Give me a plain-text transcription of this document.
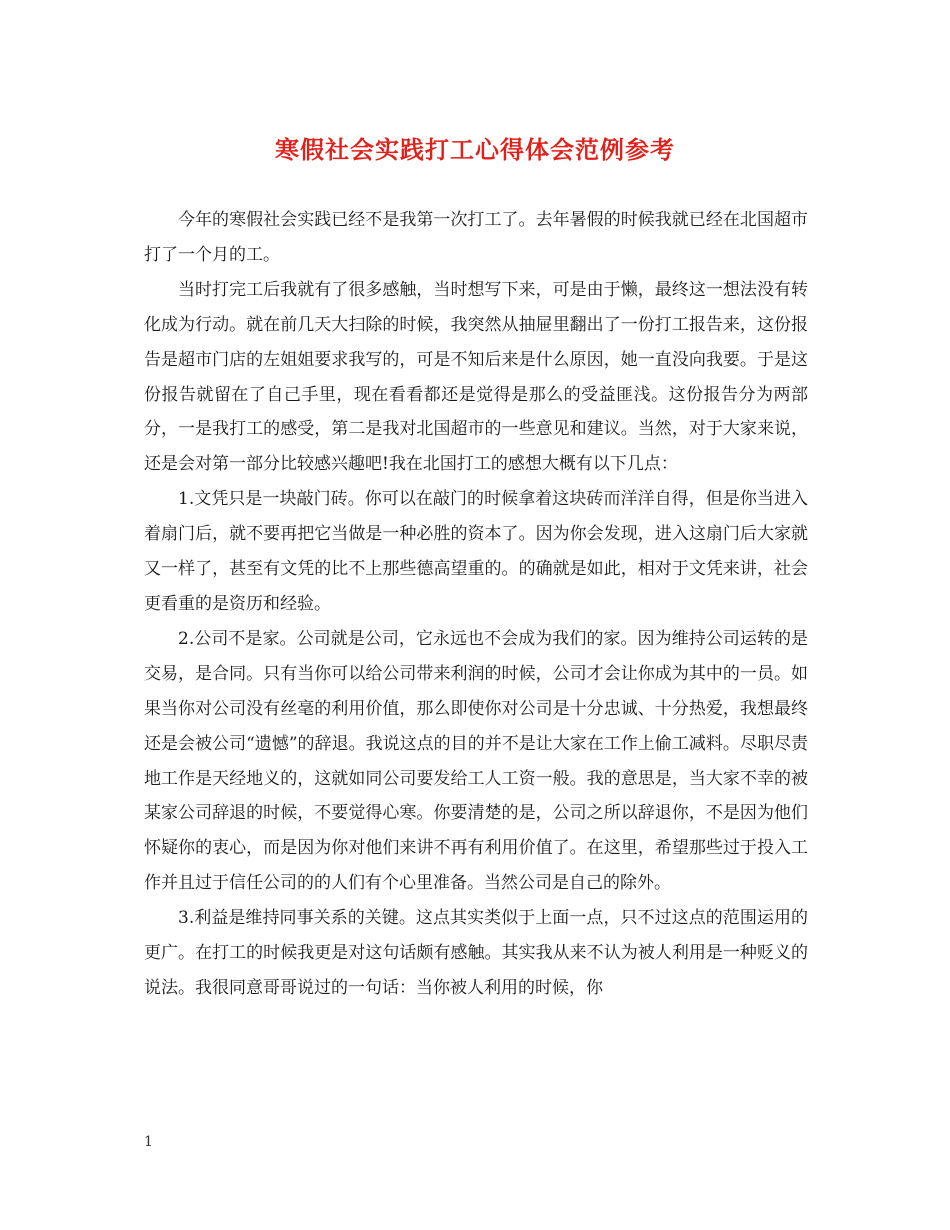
寒假社会实践打工心得体会范例参考

今年的寒假社会实践已经不是我第一次打工了。去年暑假的时候我就已经在北国超市打了一个月的工。

当时打完工后我就有了很多感触，当时想写下来，可是由于懒，最终这一想法没有转化成为行动。就在前几天大扫除的时候，我突然从抽屉里翻出了一份打工报告来，这份报告是超市门店的左姐姐要求我写的，可是不知后来是什么原因，她一直没向我要。于是这份报告就留在了自己手里，现在看看都还是觉得是那么的受益匪浅。这份报告分为两部分，一是我打工的感受，第二是我对北国超市的一些意见和建议。当然，对于大家来说，还是会对第一部分比较感兴趣吧!我在北国打工的感想大概有以下几点：

1.文凭只是一块敲门砖。你可以在敲门的时候拿着这块砖而洋洋自得，但是你当进入着扇门后，就不要再把它当做是一种必胜的资本了。因为你会发现，进入这扇门后大家就又一样了，甚至有文凭的比不上那些德高望重的。的确就是如此，相对于文凭来讲，社会更看重的是资历和经验。

2.公司不是家。公司就是公司，它永远也不会成为我们的家。因为维持公司运转的是交易，是合同。只有当你可以给公司带来利润的时候，公司才会让你成为其中的一员。如果当你对公司没有丝毫的利用价值，那么即使你对公司是十分忠诚、十分热爱，我想最终还是会被公司“遗憾”的辞退。我说这点的目的并不是让大家在工作上偷工减料。尽职尽责地工作是天经地义的，这就如同公司要发给工人工资一般。我的意思是，当大家不幸的被某家公司辞退的时候，不要觉得心寒。你要清楚的是，公司之所以辞退你，不是因为他们怀疑你的衷心，而是因为你对他们来讲不再有利用价值了。在这里，希望那些过于投入工作并且过于信任公司的的人们有个心里准备。当然公司是自己的除外。

3.利益是维持同事关系的关键。这点其实类似于上面一点，只不过这点的范围运用的更广。在打工的时候我更是对这句话颇有感触。其实我从来不认为被人利用是一种贬义的说法。我很同意哥哥说过的一句话：当你被人利用的时候，你

1
